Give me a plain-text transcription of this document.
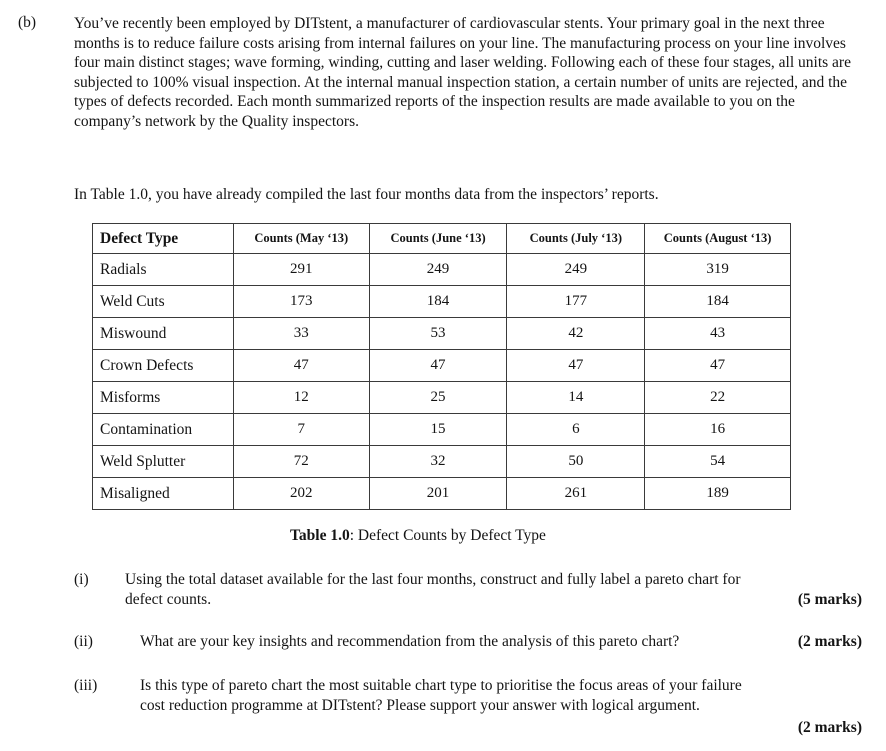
(b) You’ve recently been employed by DITstent, a manufacturer of cardiovascular stents. Your primary goal in the next three months is to reduce failure costs arising from internal failures on your line. The manufacturing process on your line involves four main distinct stages; wave forming, winding, cutting and laser welding. Following each of these four stages, all units are subjected to 100% visual inspection. At the internal manual inspection station, a certain number of units are rejected, and the types of defects recorded. Each month summarized reports of the inspection results are made available to you on the company’s network by the Quality inspectors.

In Table 1.0, you have already compiled the last four months data from the inspectors’ reports.

Defect Type	Counts (May ‘13)	Counts (June ‘13)	Counts (July ‘13)	Counts (August ‘13)
Radials	291	249	249	319
Weld Cuts	173	184	177	184
Miswound	33	53	42	43
Crown Defects	47	47	47	47
Misforms	12	25	14	22
Contamination	7	15	6	16
Weld Splutter	72	32	50	54
Misaligned	202	201	261	189
Table 1.0: Defect Counts by Defect Type
(i) Using the total dataset available for the last four months, construct and fully label a pareto chart for
defect counts.	(5 marks)
(ii)	What are your key insights and recommendation from the analysis of this pareto chart?	(2 marks)
(iii)	Is this type of pareto chart the most suitable chart type to prioritise the focus areas of your failure
cost reduction programme at DITstent? Please support your answer with logical argument.
(2 marks)
